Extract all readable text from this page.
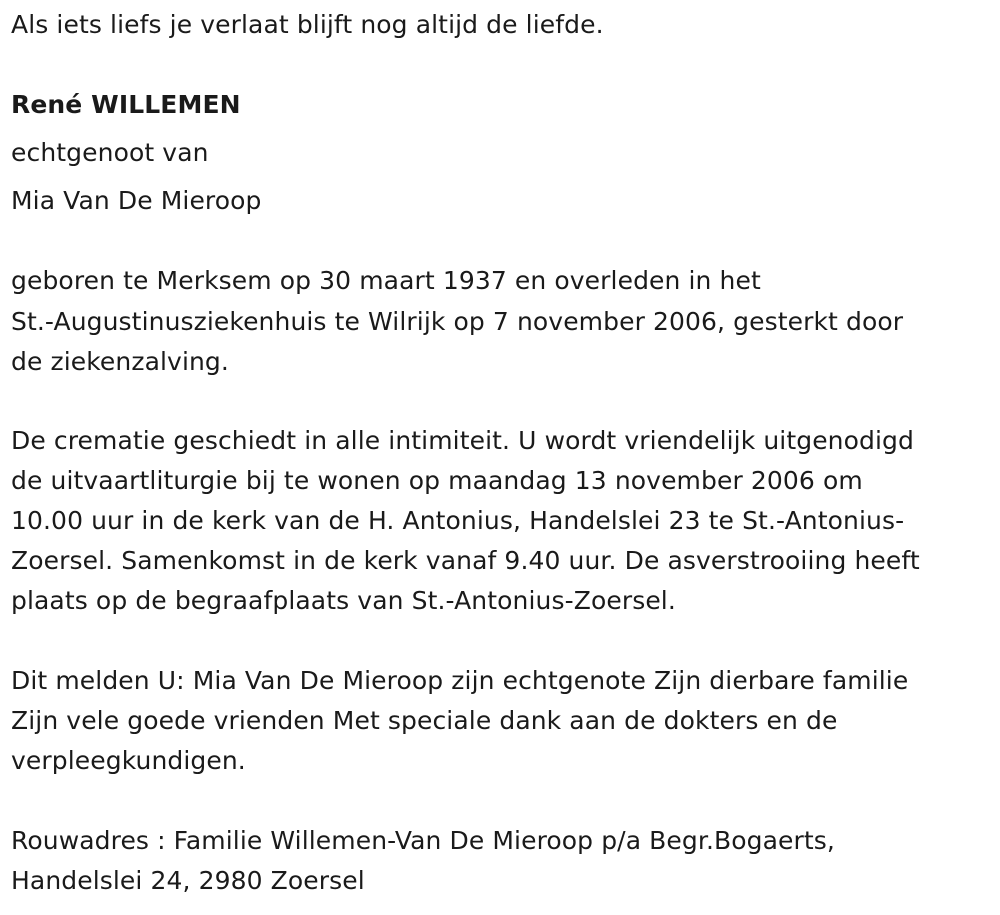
Als iets liefs je verlaat blijft nog altijd de liefde.
René WILLEMEN
echtgenoot van
Mia Van De Mieroop
geboren te Merksem op 30 maart 1937 en overleden in het
St.-Augustinusziekenhuis te Wilrijk op 7 november 2006, gesterkt door
de ziekenzalving.
De crematie geschiedt in alle intimiteit. U wordt vriendelijk uitgenodigd
de uitvaartliturgie bij te wonen op maandag 13 november 2006 om
10.00 uur in de kerk van de H. Antonius, Handelslei 23 te St.-Antonius-
Zoersel. Samenkomst in de kerk vanaf 9.40 uur. De asverstrooiing heeft
plaats op de begraafplaats van St.-Antonius-Zoersel.
Dit melden U: Mia Van De Mieroop zijn echtgenote Zijn dierbare familie
Zijn vele goede vrienden Met speciale dank aan de dokters en de
verpleegkundigen.
Rouwadres : Familie Willemen-Van De Mieroop p/a Begr.Bogaerts,
Handelslei 24, 2980 Zoersel
